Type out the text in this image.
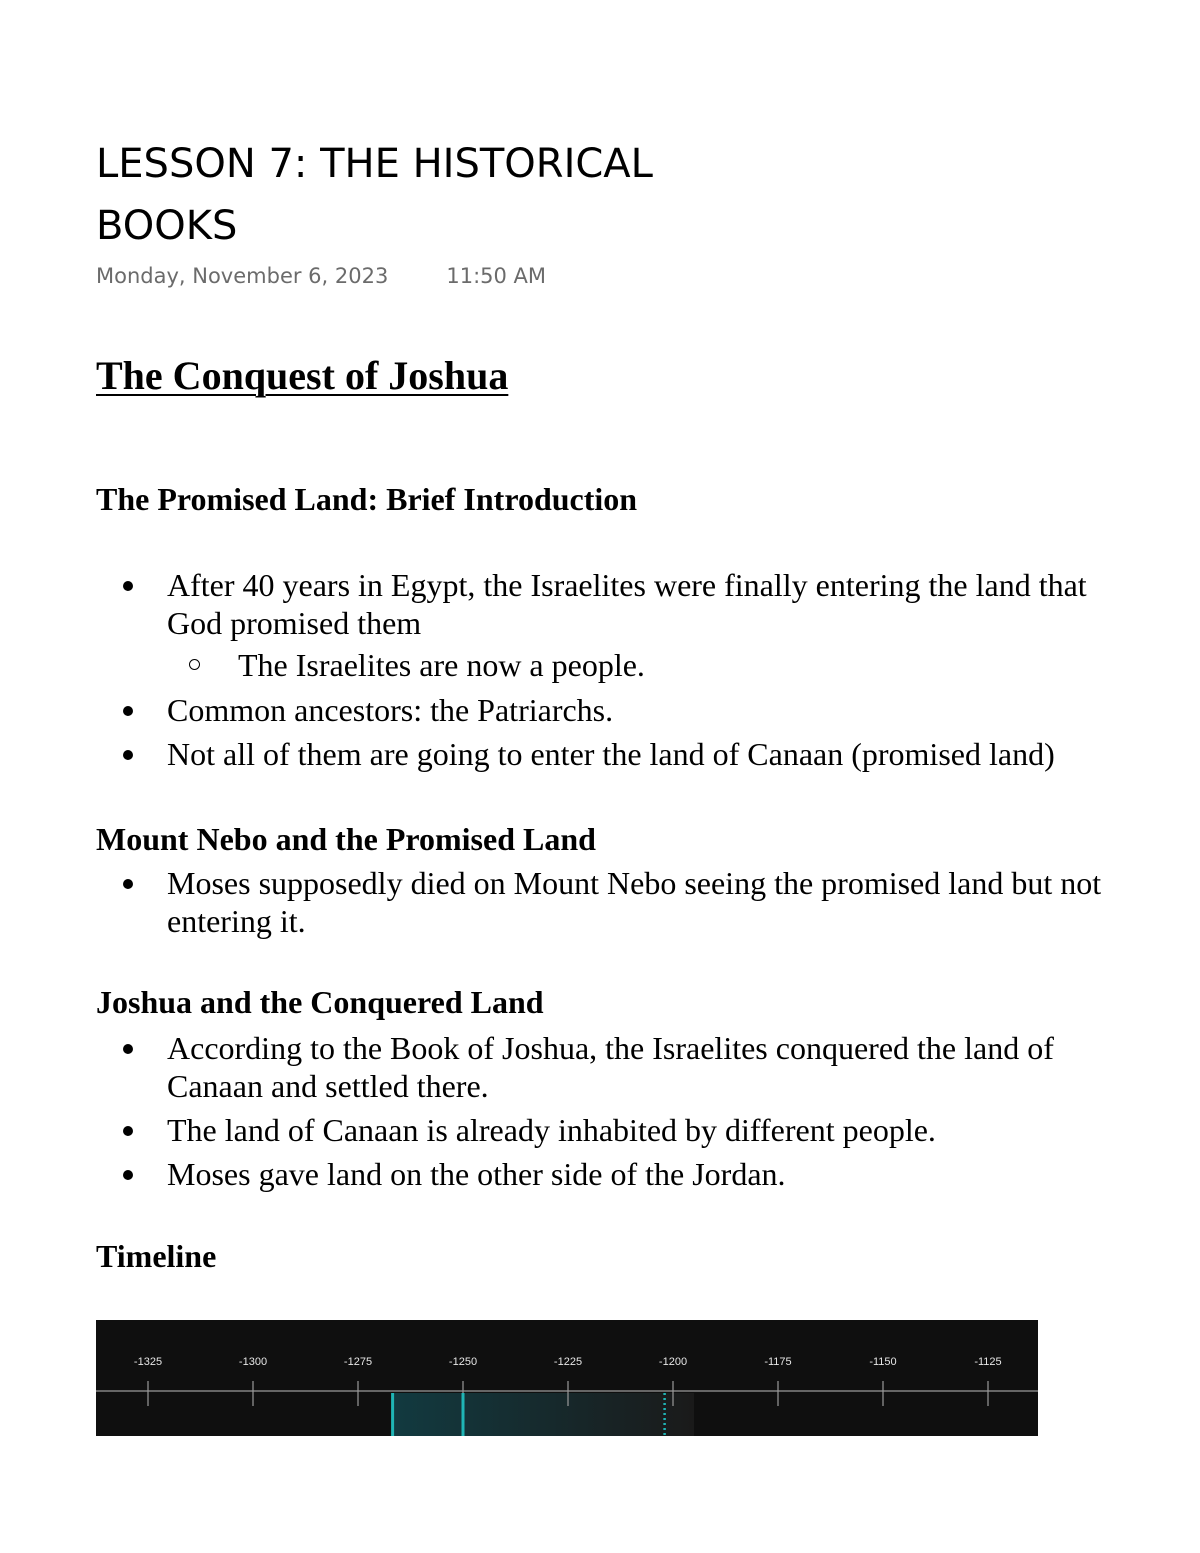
LESSON 7: THE HISTORICAL
BOOKS
Monday, November 6, 2023	11:50 AM
The Conquest of Joshua
The Promised Land: Brief Introduction
After 40 years in Egypt, the Israelites were finally entering the land that
God promised them
The Israelites are now a people.
Common ancestors: the Patriarchs.
Not all of them are going to enter the land of Canaan (promised land)
Mount Nebo and the Promised Land
Moses supposedly died on Mount Nebo seeing the promised land but not
entering it.
Joshua and the Conquered Land
According to the Book of Joshua, the Israelites conquered the land of
Canaan and settled there.
The land of Canaan is already inhabited by different people.
Moses gave land on the other side of the Jordan.
Timeline
-1325	-1300	-1275	-1250	-1225	-1200	-1175	-1150	-1125
